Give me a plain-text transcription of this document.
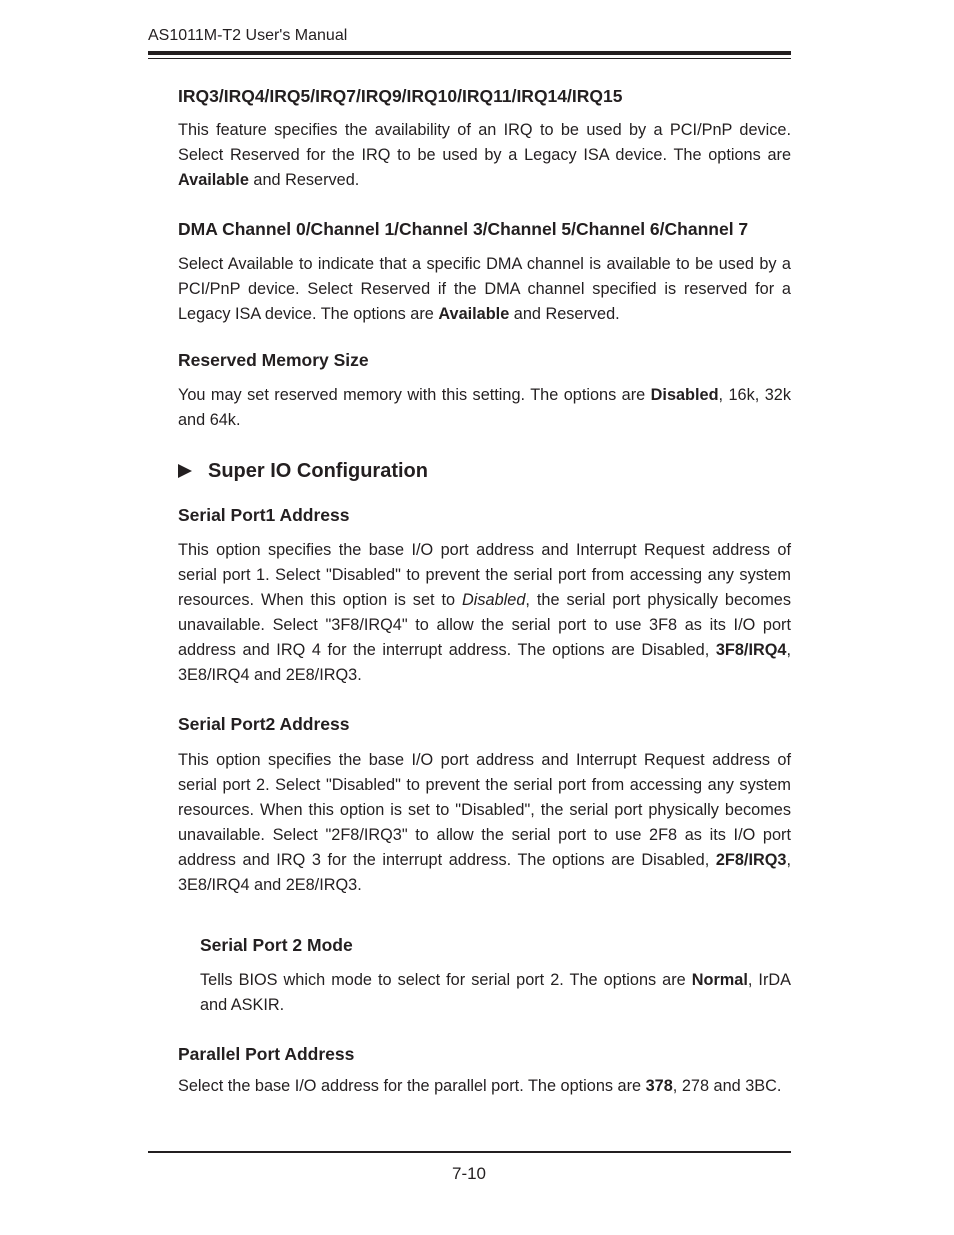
AS1011M-T2 User's Manual
IRQ3/IRQ4/IRQ5/IRQ7/IRQ9/IRQ10/IRQ11/IRQ14/IRQ15

This feature specifies the availability of an IRQ to be used by a PCI/PnP device. Select Reserved for the IRQ to be used by a Legacy ISA device. The options are Available and Reserved.

DMA Channel 0/Channel 1/Channel 3/Channel 5/Channel 6/Channel 7

Select Available to indicate that a specific DMA channel is available to be used by a PCI/PnP device. Select Reserved if the DMA channel specified is reserved for a Legacy ISA device. The options are Available and Reserved.

Reserved Memory Size

You may set reserved memory with this setting. The options are Disabled, 16k, 32k and 64k.

Super IO Configuration
Serial Port1 Address

This option specifies the base I/O port address and Interrupt Request address of serial port 1. Select "Disabled" to prevent the serial port from accessing any system resources. When this option is set to Disabled, the serial port physically becomes unavailable. Select "3F8/IRQ4" to allow the serial port to use 3F8 as its I/O port address and IRQ 4 for the interrupt address. The options are Disabled, 3F8/IRQ4, 3E8/IRQ4 and 2E8/IRQ3.

Serial Port2 Address

This option specifies the base I/O port address and Interrupt Request address of serial port 2. Select "Disabled" to prevent the serial port from accessing any system resources. When this option is set to "Disabled", the serial port physically becomes unavailable. Select "2F8/IRQ3" to allow the serial port to use 2F8 as its I/O port address and IRQ 3 for the interrupt address. The options are Disabled, 2F8/IRQ3, 3E8/IRQ4 and 2E8/IRQ3.

Serial Port 2 Mode

Tells BIOS which mode to select for serial port 2. The options are Normal, IrDA and ASKIR.

Parallel Port Address

Select the base I/O address for the parallel port. The options are 378, 278 and 3BC.

7-10
